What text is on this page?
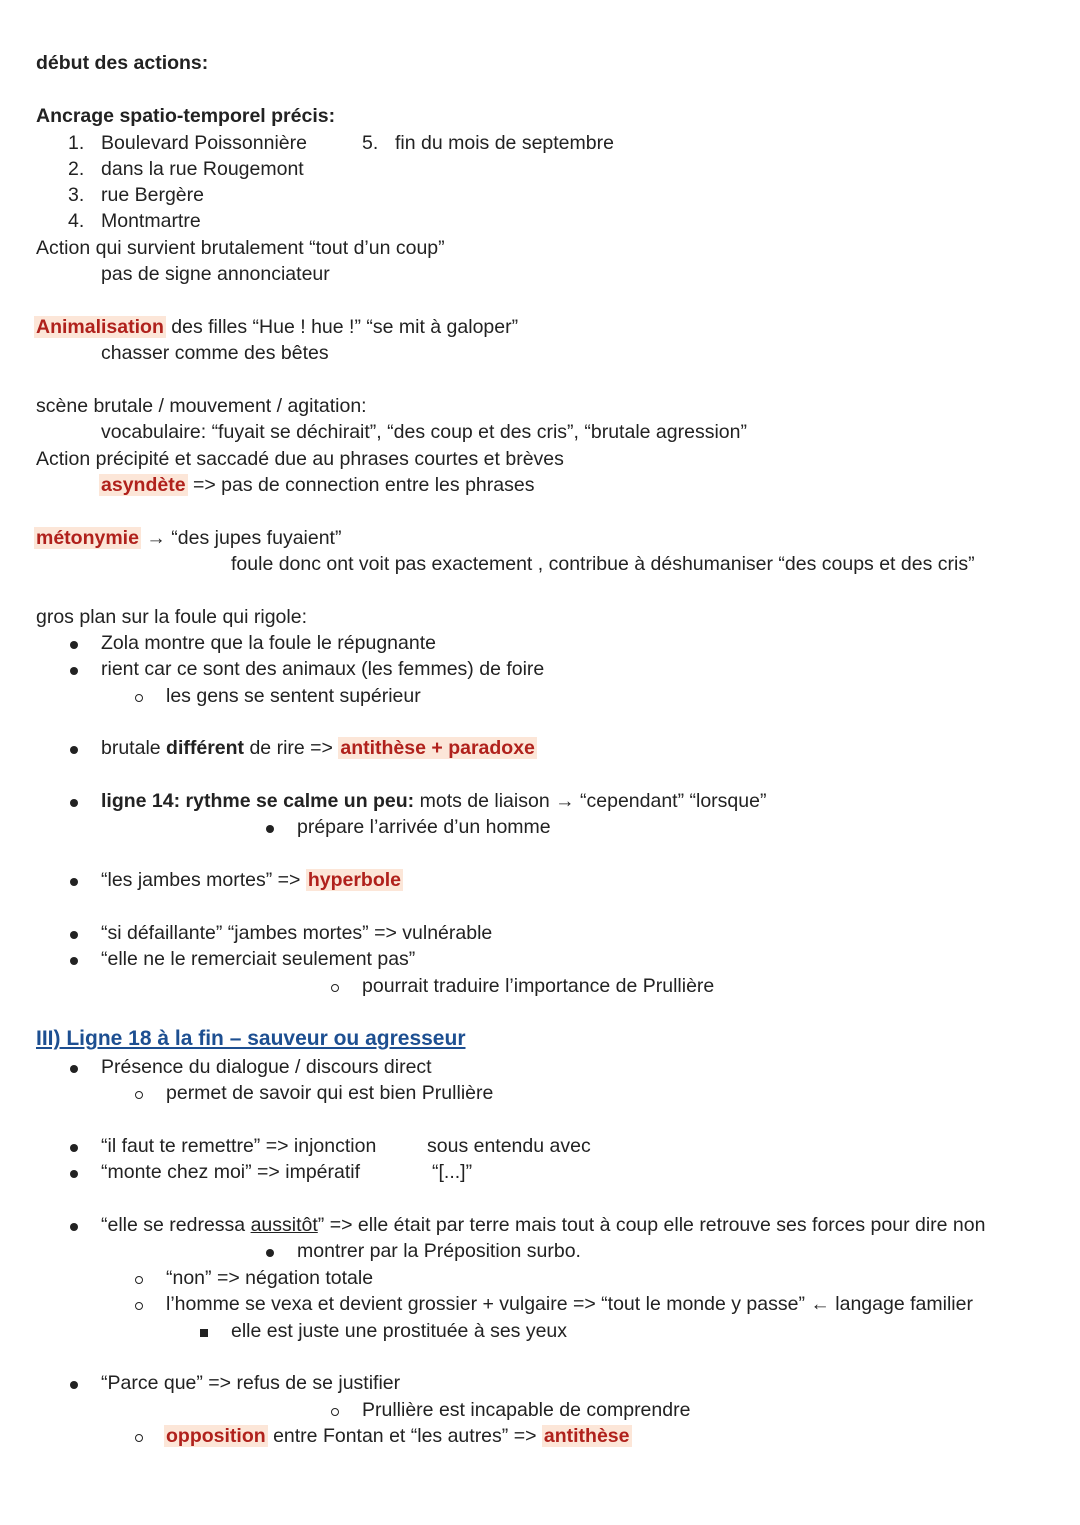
début des actions:
Ancrage spatio-temporel précis:
1. Boulevard Poissonnière
2. dans la rue Rougemont
3. rue Bergère
4. Montmartre
5. fin du mois de septembre
Action qui survient brutalement “tout d’un coup”
pas de signe annonciateur
Animalisation des filles “Hue ! hue !” “se mit à galoper”
chasser comme des bêtes
scène brutale / mouvement / agitation:
vocabulaire: “fuyait se déchirait”, “des coup et des cris”, “brutale agression”
Action précipité et saccadé due au phrases courtes et brèves
asyndète => pas de connection entre les phrases
métonymie → “des jupes fuyaient”
foule donc ont voit pas exactement , contribue à déshumaniser “des coups et des cris”
gros plan sur la foule qui rigole:
Zola montre que la foule le répugnante
rient car ce sont des animaux (les femmes) de foire
les gens se sentent supérieur
brutale différent de rire => antithèse + paradoxe
ligne 14: rythme se calme un peu: mots de liaison → “cependant” “lorsque”
prépare l’arrivée d’un homme
“les jambes mortes” => hyperbole
“si défaillante” “jambes mortes” => vulnérable
“elle ne le remerciait seulement pas”
pourrait traduire l’importance de Prullière
III) Ligne 18 à la fin – sauveur ou agresseur
Présence du dialogue / discours direct
permet de savoir qui est bien Prullière
“il faut te remettre” => injonction
“monte chez moi” => impératif
sous entendu avec
“[...]”
“elle se redressa aussitôt” => elle était par terre mais tout à coup elle retrouve ses forces pour dire non
montrer par la Préposition surbo.
“non” => négation totale
l’homme se vexa et devient grossier + vulgaire => “tout le monde y passe” ← langage familier
elle est juste une prostituée à ses yeux
“Parce que” => refus de se justifier
Prullière est incapable de comprendre
opposition entre Fontan et “les autres” => antithèse
